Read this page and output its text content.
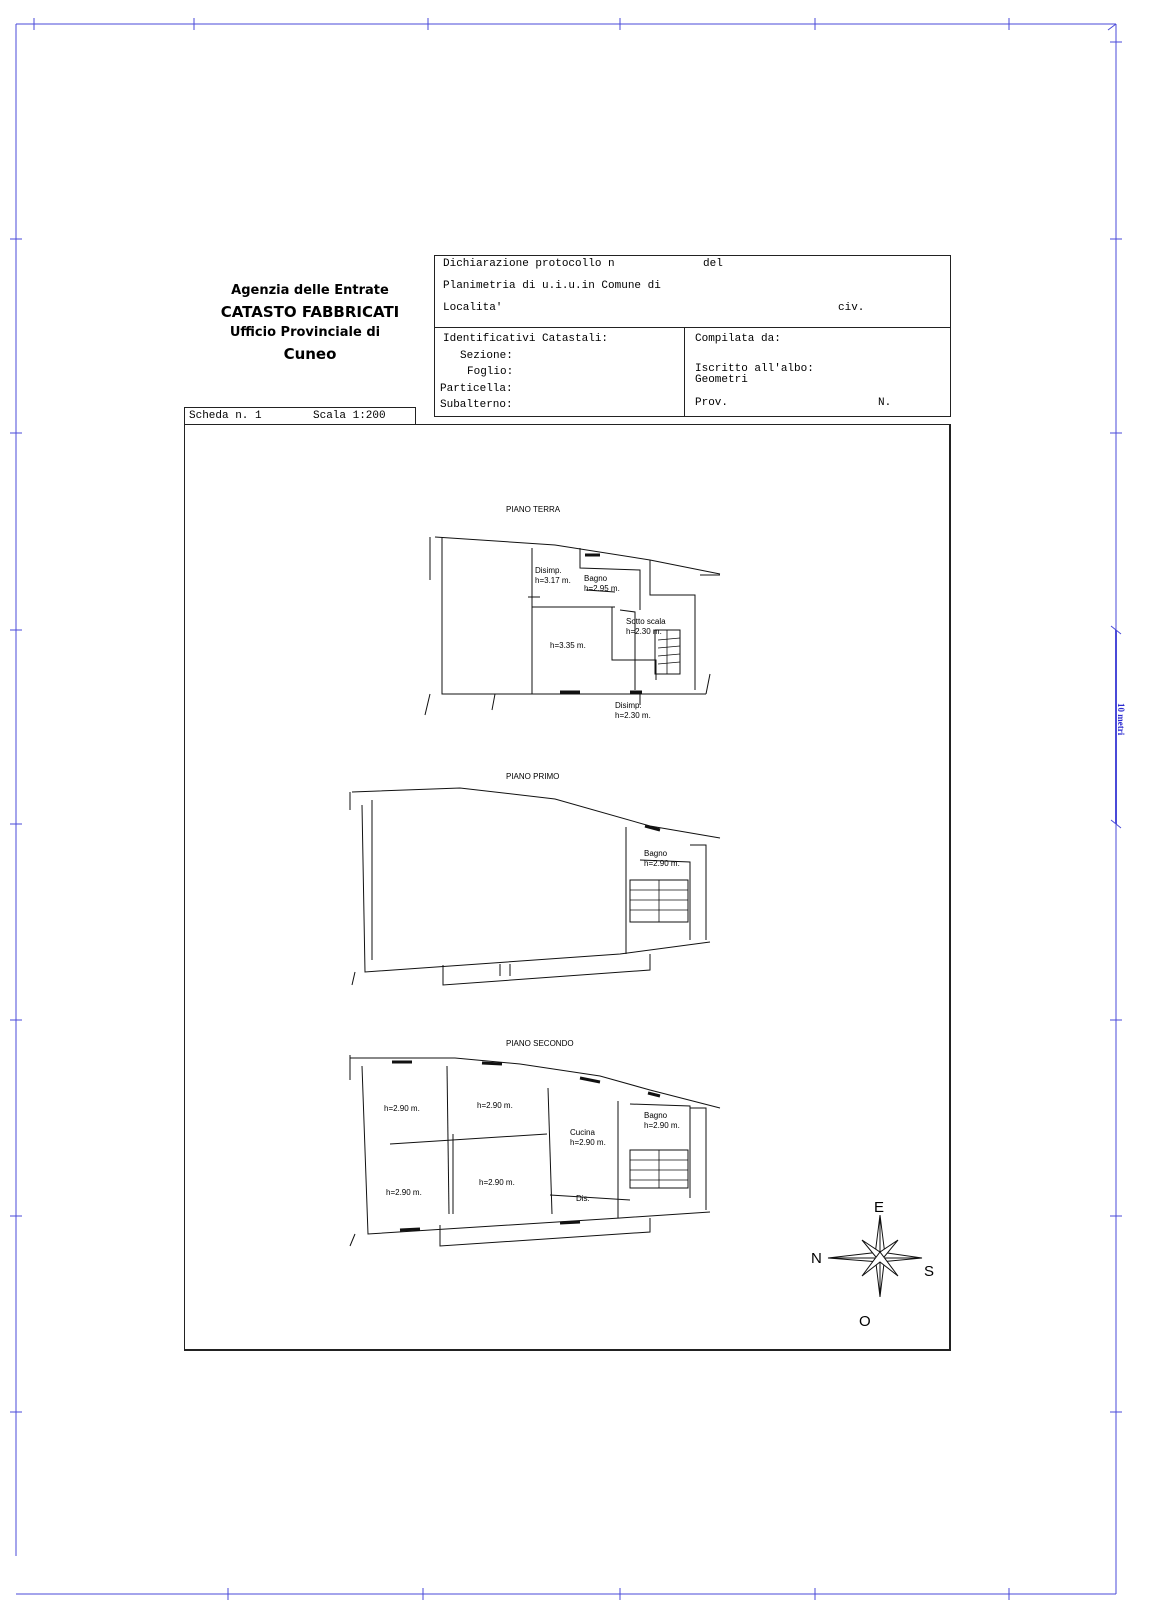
10 metri
Agenzia delle Entrate
CATASTO FABBRICATI
Ufficio Provinciale di
Cuneo
Dichiarazione protocollo n	del
Planimetria di u.i.u.in Comune di
Localita'	civ.
Identificativi Catastali:
Sezione:
Foglio:
Particella:
Subalterno:
Compilata da:
Iscritto all'albo:
Geometri
Prov.	N.
Scheda n. 1	Scala 1:200
PIANO TERRA
Disimp.
h=3.17 m. Bagno
h=2.95 m.
Sotto scala
h=2.30 m.
h=3.35 m.
Disimp.
h=2.30 m.
PIANO PRIMO
Bagno
h=2.90 m.
PIANO SECONDO
h=2.90 m.	h=2.90 m.
h=2.90 m.
h=2.90 m.
Cucina
h=2.90 m.
Bagno
h=2.90 m.
Dis.
E
N
S
O
